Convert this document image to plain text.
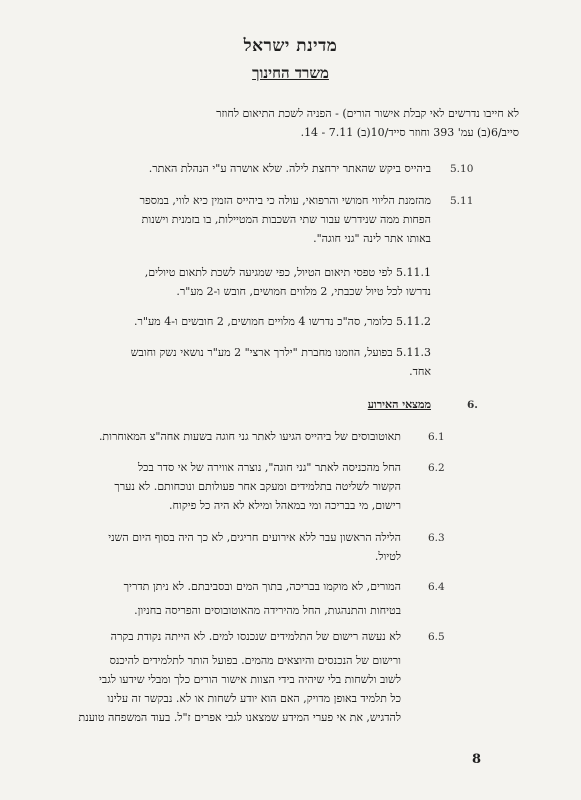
מדינת ישראל
משרד החינוך
לא חייבו נדרשים לאי קבלת אישור הורים) - הפניה לשכת התיאום לחוזר
סייב/6(ב) עמ' 393 וחוזר סייד/10(ב) 7.11 - 14.
5.10
ביהייס ביקש שהאתר ירחצת לילה. שלא אושרה ע"י הנהלת האתר.
5.11
מהזמנת הליווי חמושי והרפואי, עולה כי ביהייס הזמין כיא לווי, במספר
הפחות ממה שנידרש עבור שתי השכבות המטיילות, בו בזמנית וישנות
באותו אתר לינה "גני חוגה".
5.11.1 לפי טפסי תיאום הטיול, כפי שמגיעה לשכת לתאום טיולים,
נדרשו לכל טיול שכבתי, 2 מלווים חמושים, חובש ו-2 מע"ר.
5.11.2 כלומר, סה"כ נדרשו 4 מלויים חמושים, 2 חובשים ו-4 מע"ר.
5.11.3 בפועל, הוזמנו מחברת "ילרך ארצי" 2 מע"ר נושאי נשק וחובש
אחד.
6.
ממצאי האירוע
6.1
תאוטובוסים של ביהייס הגיעו לאתר גני חוגה בשעות אחה"צ המאוחרות.
6.2
החל מהכניסה לאתר "גני חוגה", נוצרה אווירה של אי סדר בכל
הקשור לשליטה בתלמידים ומעקב אחר פעולותם ונוכחותם. לא נערך
רישום, מי בבריכה ומי במאהל ומילא לא היה כל פיקוח.
6.3
הלילה הראשון עבר ללא אירועים חריגים, לא כך היה בסוף היום השני
לטיול.
6.4
המורים, לא מוקמו בבריכה, בתוך המים ובסביבתם. לא ניתן תדריך
בטיחות והתנהגות, החל מהירידה מהאוטובוסים והפריסה בחניון.
6.5
לא נעשה רישום של התלמידים שנכנסו למים. לא הייתה נקודת בקרה
ורישום של הנכנסים והיוצאים מהמים. בפועל הותר לתלמידים להיכנס
לשוב ולשחות בלי שיהיה בידי הצוות אישור הורים כלך ומבלי שידעו לגבי
כל תלמיד באופן מדויק, האם הוא יודע לשחות או לא. נבקשר זה עלינו
להדגיש, את אי פערי המידע שמצאנו לגבי אפרים ז"ל. בעוד המשפחה טוענת
8
